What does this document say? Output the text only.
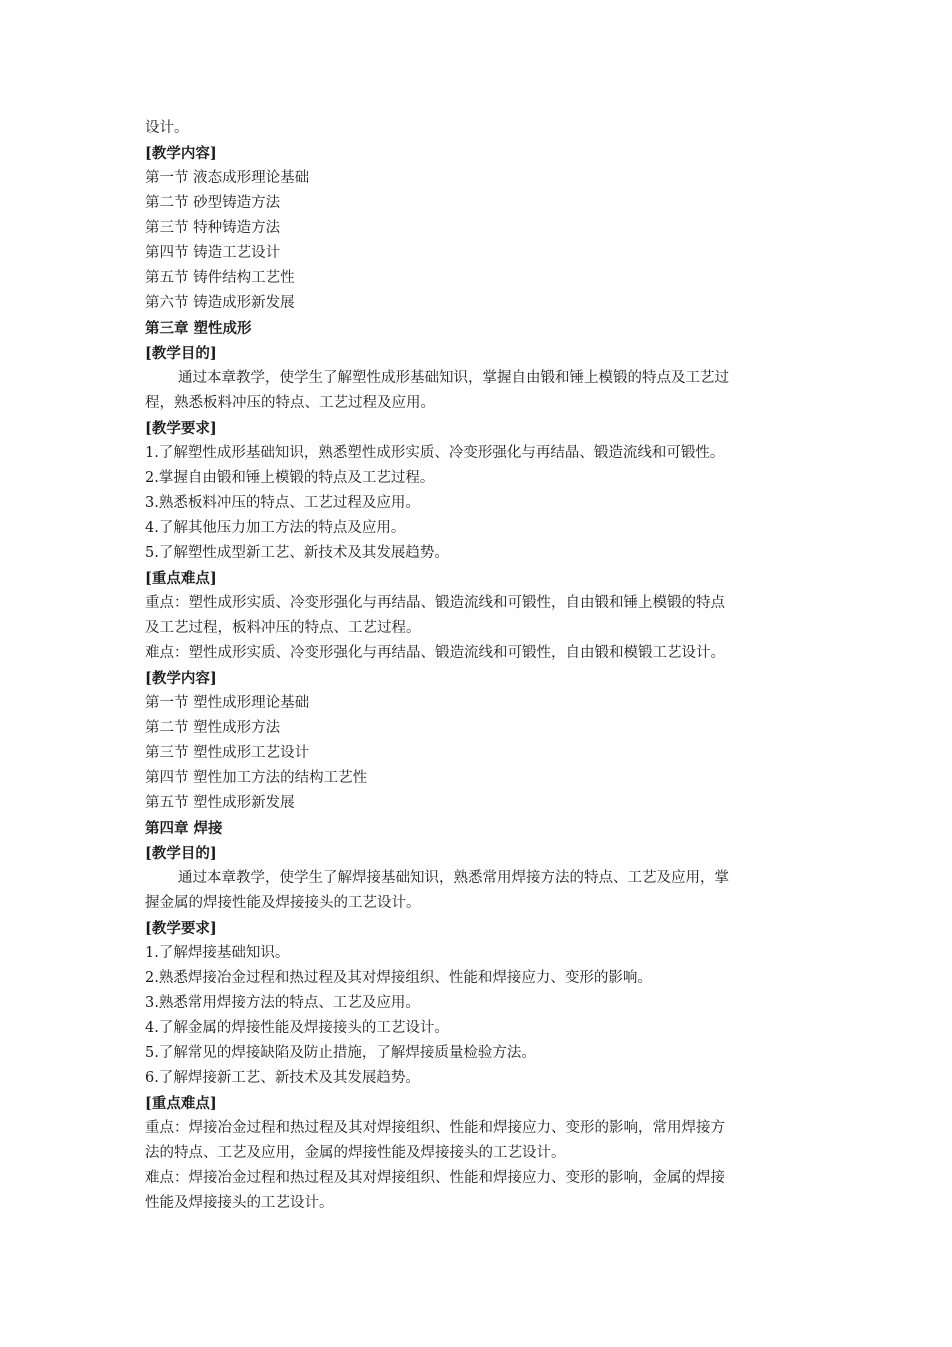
设计。
[教学内容]
第一节 液态成形理论基础
第二节 砂型铸造方法
第三节 特种铸造方法
第四节 铸造工艺设计
第五节 铸件结构工艺性
第六节 铸造成形新发展
第三章 塑性成形
[教学目的]
通过本章教学，使学生了解塑性成形基础知识，掌握自由锻和锤上模锻的特点及工艺过
程，熟悉板料冲压的特点、工艺过程及应用。
[教学要求]
1.了解塑性成形基础知识，熟悉塑性成形实质、冷变形强化与再结晶、锻造流线和可锻性。
2.掌握自由锻和锤上模锻的特点及工艺过程。
3.熟悉板料冲压的特点、工艺过程及应用。
4.了解其他压力加工方法的特点及应用。
5.了解塑性成型新工艺、新技术及其发展趋势。
[重点难点]
重点：塑性成形实质、冷变形强化与再结晶、锻造流线和可锻性，自由锻和锤上模锻的特点
及工艺过程，板料冲压的特点、工艺过程。
难点：塑性成形实质、冷变形强化与再结晶、锻造流线和可锻性，自由锻和模锻工艺设计。
[教学内容]
第一节 塑性成形理论基础
第二节 塑性成形方法
第三节 塑性成形工艺设计
第四节 塑性加工方法的结构工艺性
第五节 塑性成形新发展
第四章 焊接
[教学目的]
通过本章教学，使学生了解焊接基础知识，熟悉常用焊接方法的特点、工艺及应用，掌
握金属的焊接性能及焊接接头的工艺设计。
[教学要求]
1.了解焊接基础知识。
2.熟悉焊接冶金过程和热过程及其对焊接组织、性能和焊接应力、变形的影响。
3.熟悉常用焊接方法的特点、工艺及应用。
4.了解金属的焊接性能及焊接接头的工艺设计。
5.了解常见的焊接缺陷及防止措施，了解焊接质量检验方法。
6.了解焊接新工艺、新技术及其发展趋势。
[重点难点]
重点：焊接冶金过程和热过程及其对焊接组织、性能和焊接应力、变形的影响，常用焊接方
法的特点、工艺及应用，金属的焊接性能及焊接接头的工艺设计。
难点：焊接冶金过程和热过程及其对焊接组织、性能和焊接应力、变形的影响，金属的焊接
性能及焊接接头的工艺设计。
